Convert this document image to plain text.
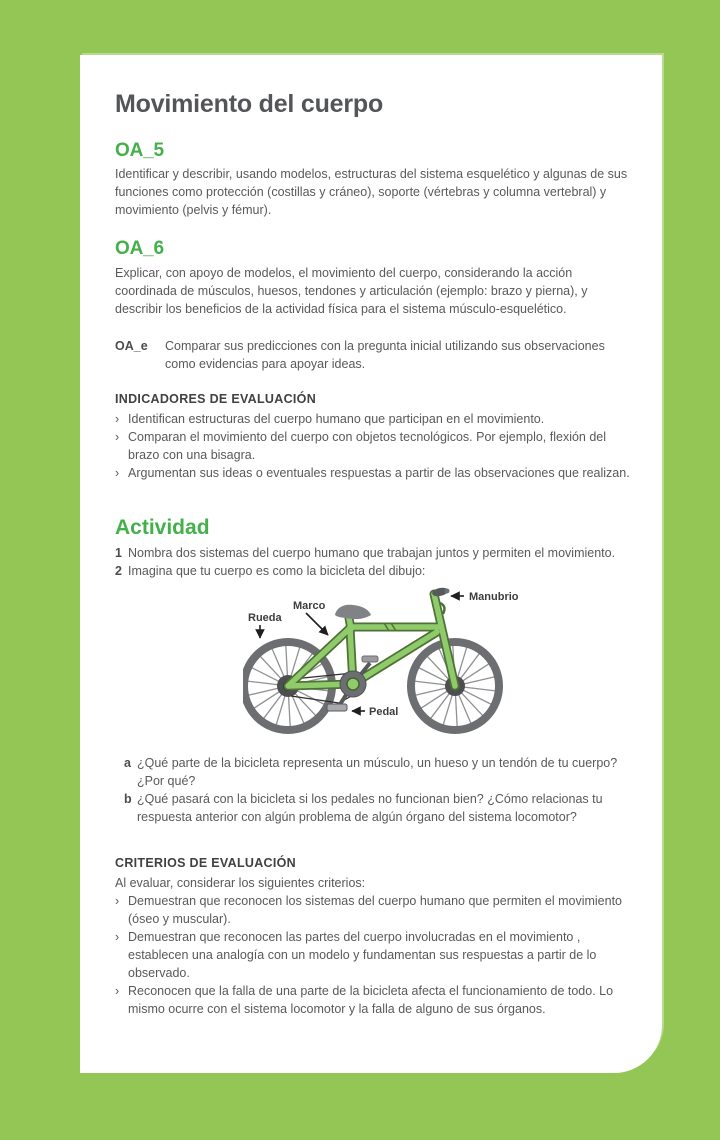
Movimiento del cuerpo
OA_5

Identificar y describir, usando modelos, estructuras del sistema esquelético y algunas de sus funciones como protección (costillas y cráneo), soporte (vértebras y columna vertebral) y movimiento (pelvis y fémur).

OA_6

Explicar, con apoyo de modelos, el movimiento del cuerpo, considerando la acción coordinada de músculos, huesos, tendones y articulación (ejemplo: brazo y pierna), y describir los beneficios de la actividad física para el sistema músculo-esquelético.

OA_e	Comparar sus predicciones con la pregunta inicial utilizando sus observaciones como evidencias para apoyar ideas.

INDICADORES DE EVALUACIÓN
› Identifican estructuras del cuerpo humano que participan en el movimiento.
› Comparan el movimiento del cuerpo con objetos tecnológicos. Por ejemplo, flexión del brazo con una bisagra.
› Argumentan sus ideas o eventuales respuestas a partir de las observaciones que realizan.
Actividad
1 Nombra dos sistemas del cuerpo humano que trabajan juntos y permiten el movimiento.
2 Imagina que tu cuerpo es como la bicicleta del dibujo:
Rueda
Marco
Manubrio
Pedal
a ¿Qué parte de la bicicleta representa un músculo, un hueso y un tendón de tu cuerpo? ¿Por qué?
b ¿Qué pasará con la bicicleta si los pedales no funcionan bien? ¿Cómo relacionas tu respuesta anterior con algún problema de algún órgano del sistema locomotor?
CRITERIOS DE EVALUACIÓN

Al evaluar, considerar los siguientes criterios:

› Demuestran que reconocen los sistemas del cuerpo humano que permiten el movimiento (óseo y muscular).
› Demuestran que reconocen las partes del cuerpo involucradas en el movimiento , establecen una analogía con un modelo y fundamentan sus respuestas a partir de lo observado.
› Reconocen que la falla de una parte de la bicicleta afecta el funcionamiento de todo. Lo mismo ocurre con el sistema locomotor y la falla de alguno de sus órganos.
